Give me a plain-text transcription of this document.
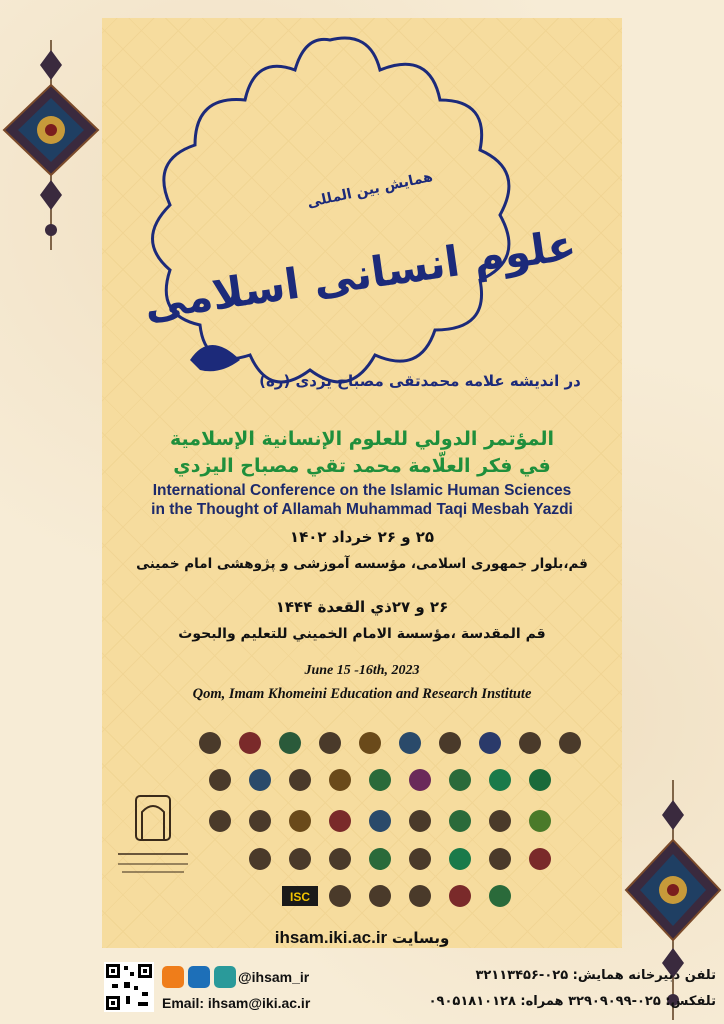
همایش بین المللی
علوم انسانی اسلامی
در اندیشه علامه محمدتقی مصباح یزدی (ره)
المؤتمر الدولي للعلوم الإنسانية الإسلامية
في فكر العلّامة محمد تقي مصباح اليزدي
International Conference on the Islamic Human Sciences
in the Thought of Allamah Muhammad Taqi Mesbah Yazdi
۲۵ و ۲۶ خرداد ۱۴۰۲
قم،بلوار جمهوری اسلامی، مؤسسه آموزشی و پژوهشی امام خمینی
۲۶ و ۲۷ذي القعدة ۱۴۴۴
قم المقدسة ،مؤسسة الامام الخميني للتعليم والبحوث
June 15 -16th, 2023
Qom, Imam Khomeini Education and Research Institute
ISC
ihsam.iki.ac.ir وبسایت
@ihsam_ir
Email: ihsam@iki.ac.ir
تلفن دبیرخانه همایش: ۰۲۵-۳۲۱۱۳۴۵۶
تلفکس: ۰۲۵-۳۲۹۰۹۰۹۹ همراه: ۰۹۰۵۱۸۱۰۱۲۸
